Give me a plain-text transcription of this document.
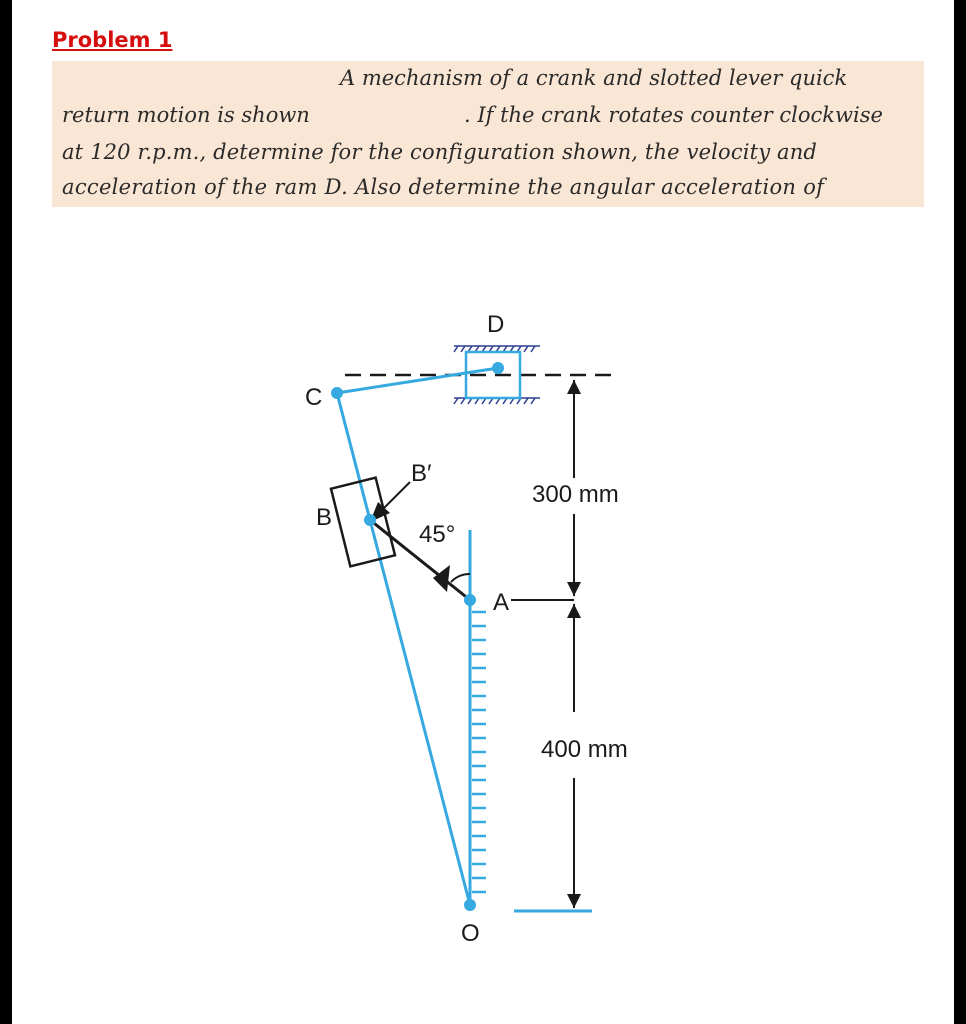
Problem 1
A mechanism of a crank and slotted lever quick
return motion is shown	. If the crank rotates counter clockwise
at 120 r.p.m., determine for the configuration shown, the velocity and
acceleration of the ram D. Also determine the angular acceleration of
D
C
B′
B
45°
A
O
300 mm
400 mm
